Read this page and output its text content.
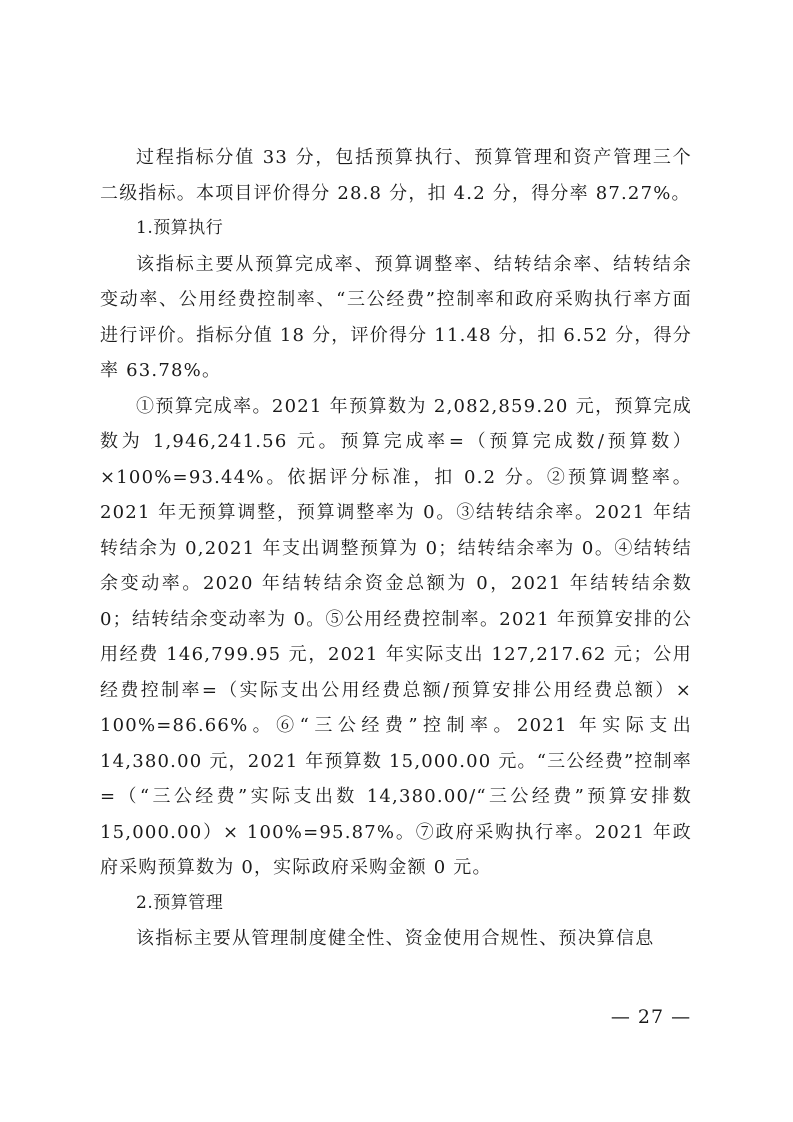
过程指标分值 33 分，包括预算执行、预算管理和资产管理三个二级指标。本项目评价得分 28.8 分，扣 4.2 分，得分率 87.27%。

1.预算执行

该指标主要从预算完成率、预算调整率、结转结余率、结转结余变动率、公用经费控制率、“三公经费”控制率和政府采购执行率方面进行评价。指标分值 18 分，评价得分 11.48 分，扣 6.52 分，得分率 63.78%。

①预算完成率。2021 年预算数为 2,082,859.20 元，预算完成数为 1,946,241.56 元。预算完成率=（预算完成数/预算数）×100%=93.44%。依据评分标准，扣 0.2 分。②预算调整率。2021 年无预算调整，预算调整率为 0。③结转结余率。2021 年结转结余为 0,2021 年支出调整预算为 0；结转结余率为 0。④结转结余变动率。2020 年结转结余资金总额为 0，2021 年结转结余数 0；结转结余变动率为 0。⑤公用经费控制率。2021 年预算安排的公用经费 146,799.95 元，2021 年实际支出 127,217.62 元；公用经费控制率=（实际支出公用经费总额/预算安排公用经费总额）× 100%=86.66%。⑥“三公经费”控制率。2021 年实际支出 14,380.00 元，2021 年预算数 15,000.00 元。“三公经费”控制率=（“三公经费”实际支出数 14,380.00/“三公经费”预算安排数 15,000.00）× 100%=95.87%。⑦政府采购执行率。2021 年政府采购预算数为 0，实际政府采购金额 0 元。

2.预算管理

该指标主要从管理制度健全性、资金使用合规性、预决算信息

— 27 —
